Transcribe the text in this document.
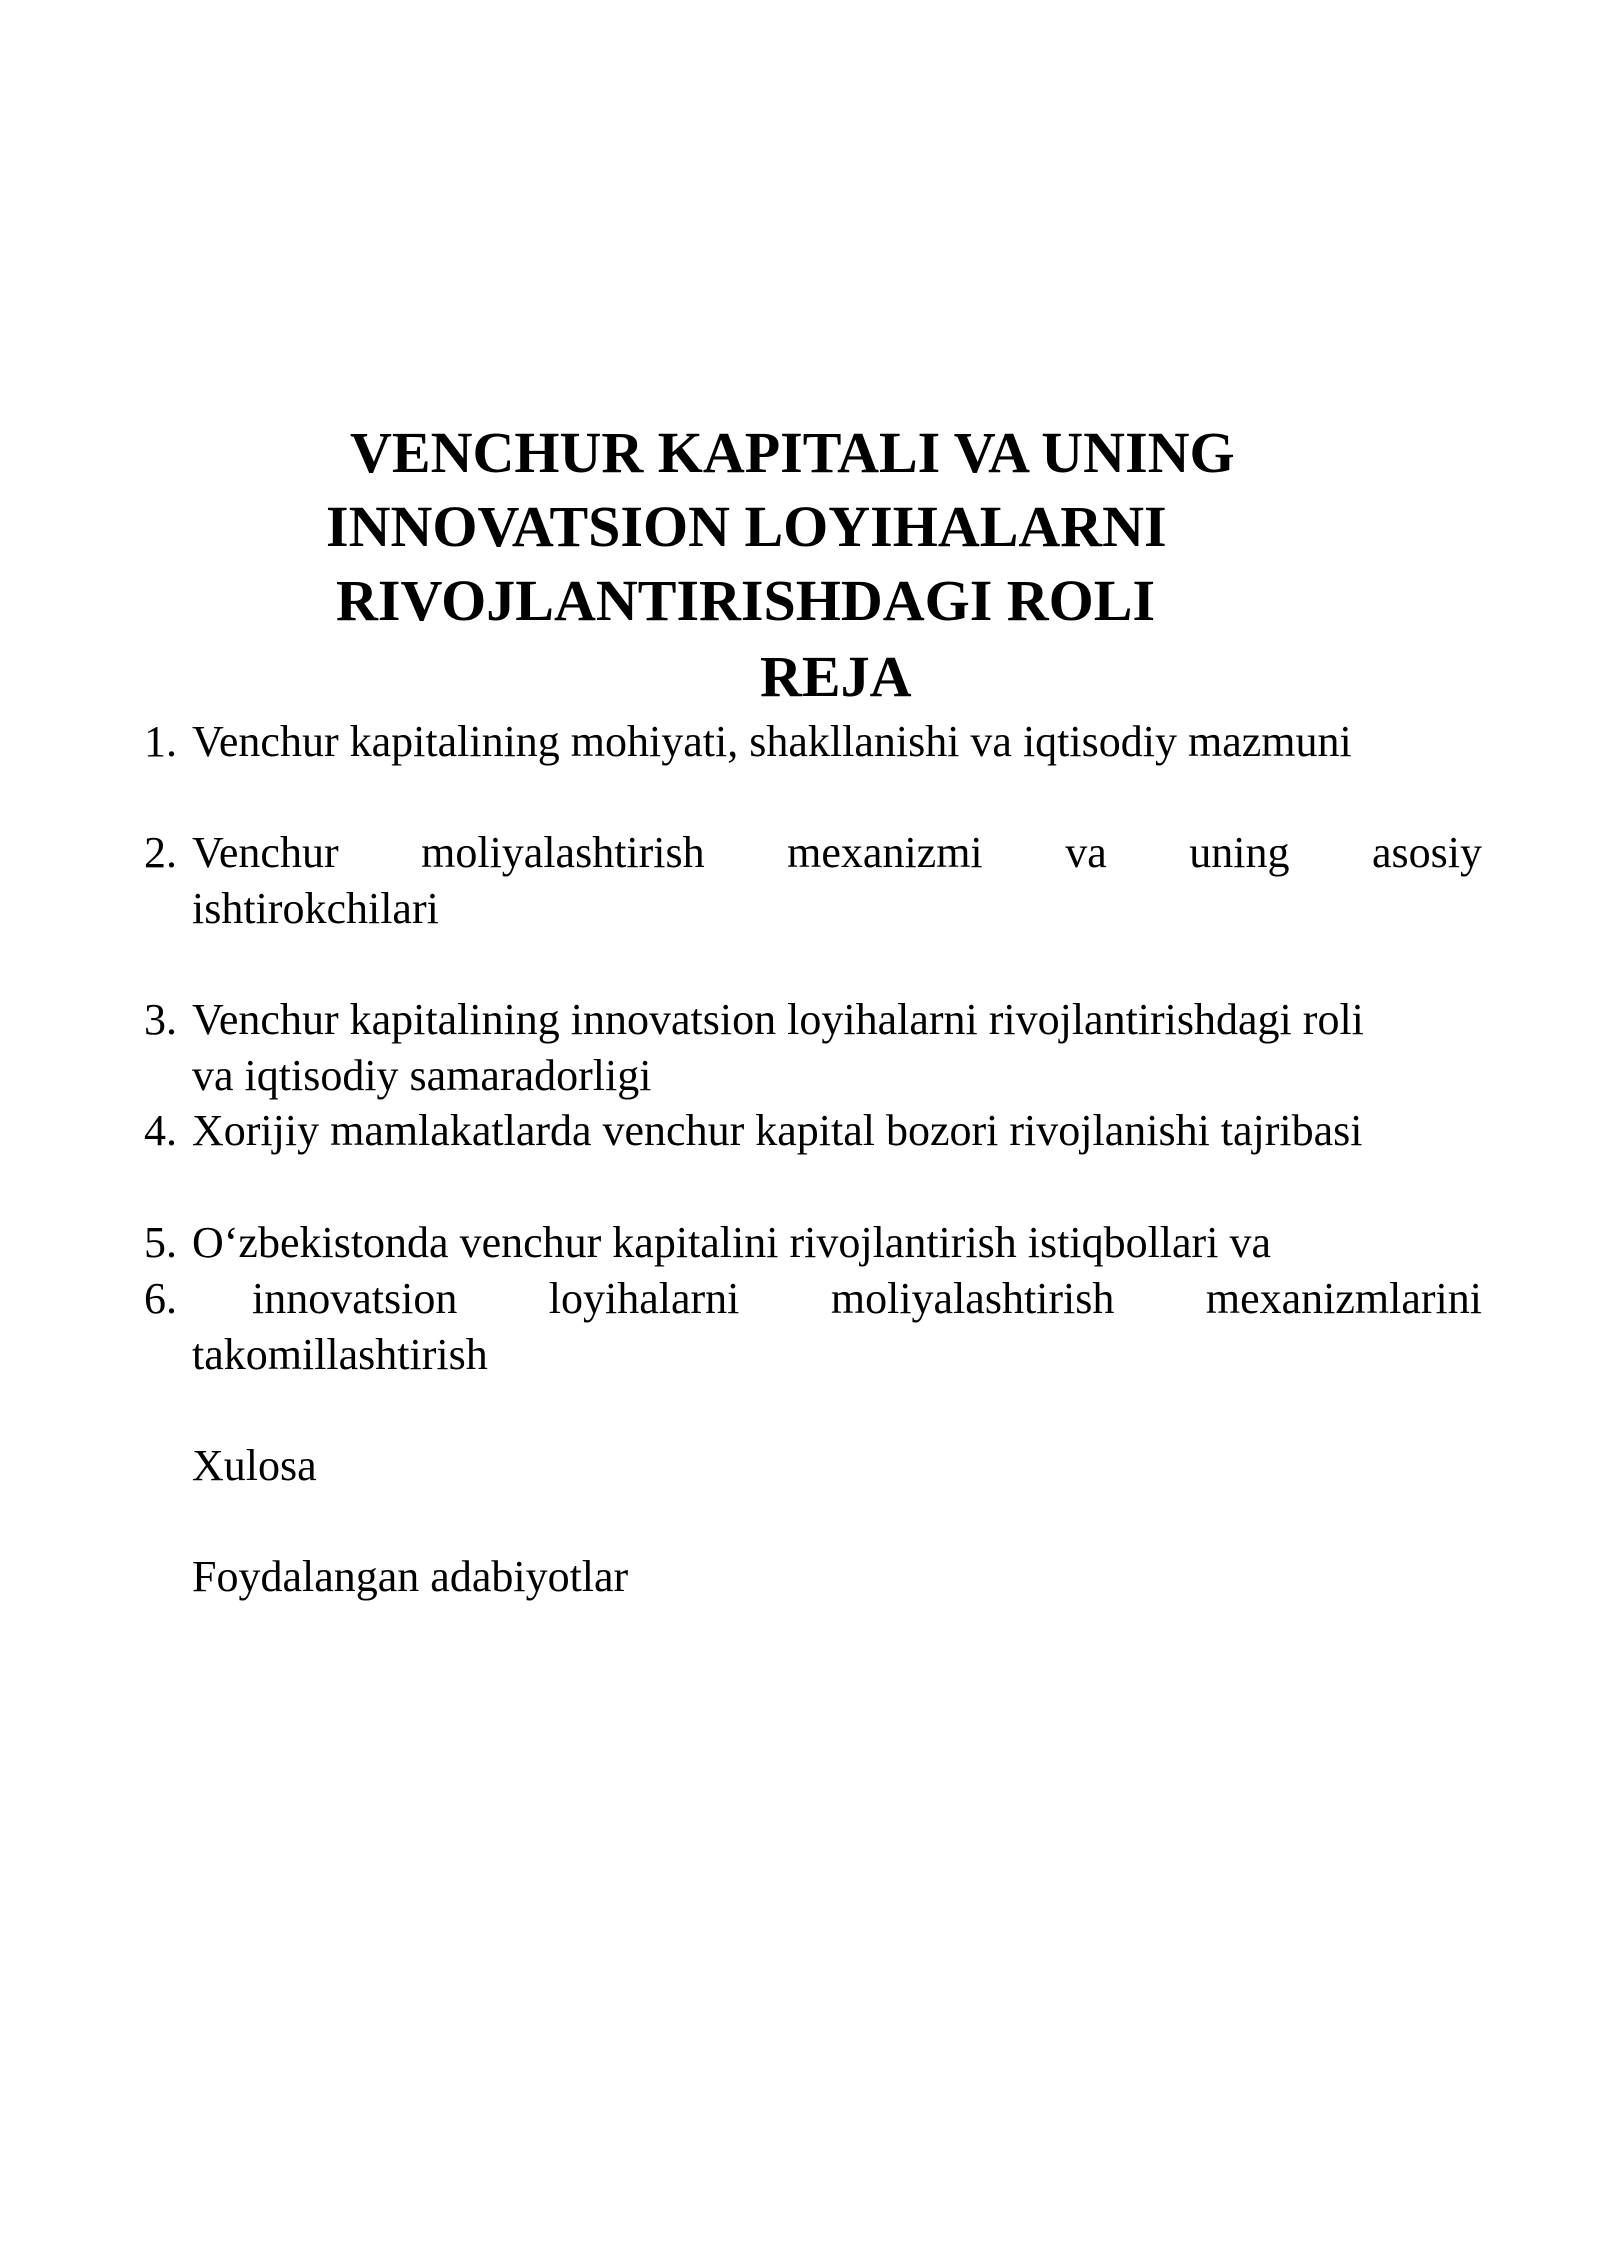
VENCHUR KAPITALI VA UNING
INNOVATSION LOYIHALARNI
RIVOJLANTIRISHDAGI ROLI
REJA
1. Venchur kapitalining mohiyati, shakllanishi va iqtisodiy mazmuni
2. Venchur moliyalashtirish mexanizmi va uning asosiy
ishtirokchilari
3. Venchur kapitalining innovatsion loyihalarni rivojlantirishdagi roli
va iqtisodiy samaradorligi
4. Xorijiy mamlakatlarda venchur kapital bozori rivojlanishi tajribasi
5. O‘zbekistonda venchur kapitalini rivojlantirish istiqbollari va
6. innovatsion loyihalarni moliyalashtirish mexanizmlarini
takomillashtirish
Xulosa
Foydalangan adabiyotlar
